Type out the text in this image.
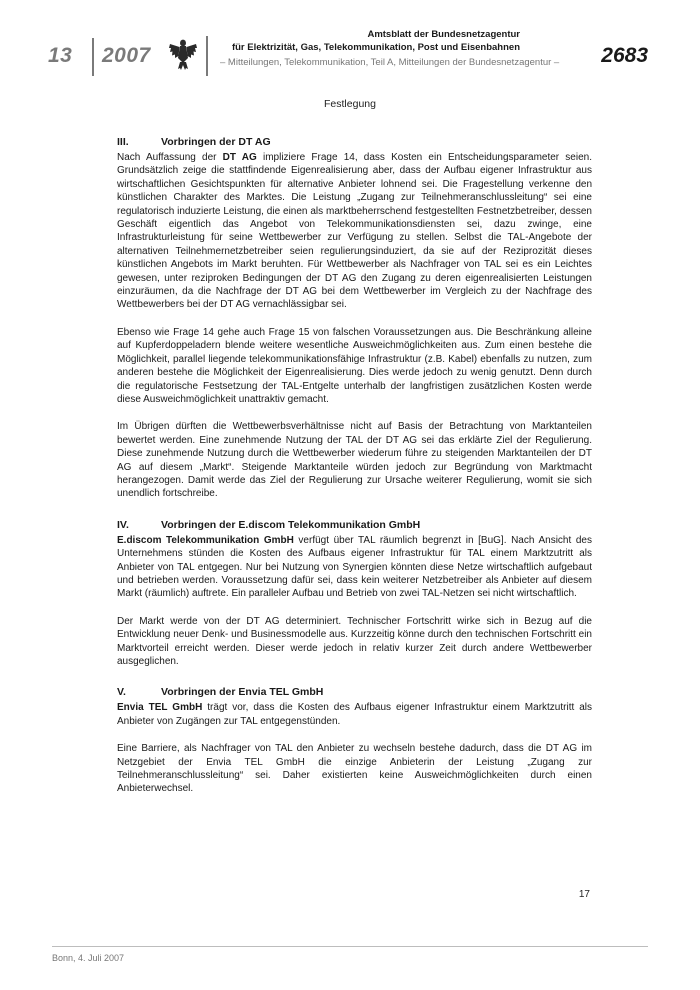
13 2007
Amtsblatt der Bundesnetzagentur
für Elektrizität, Gas, Telekommunikation, Post und Eisenbahnen
– Mitteilungen, Telekommunikation, Teil A, Mitteilungen der Bundesnetzagentur – 2683
Festlegung
III.	Vorbringen der DT AG

Nach Auffassung der DT AG impliziere Frage 14, dass Kosten ein Entscheidungsparameter seien. Grundsätzlich zeige die stattfindende Eigenrealisierung aber, dass der Aufbau eigener Infrastruktur aus wirtschaftlichen Gesichtspunkten für alternative Anbieter lohnend sei. Die Fragestellung verkenne den künstlichen Charakter des Marktes. Die Leistung „Zugang zur Teilnehmeranschlussleitung“ sei eine regulatorisch induzierte Leistung, die einen als marktbeherrschend festgestellten Festnetzbetreiber, dessen Geschäft eigentlich das Angebot von Telekommunikationsdiensten sei, dazu zwinge, eine Infrastrukturleistung für seine Wettbewerber zur Verfügung zu stellen. Selbst die TAL-Angebote der alternativen Teilnehmernetzbetreiber seien regulierungsinduziert, da sie auf der Reziprozität dieses künstlichen Angebots im Markt beruhten. Für Wettbewerber als Nachfrager von TAL sei es ein Leichtes gewesen, unter reziproken Bedingungen der DT AG den Zugang zu deren eigenrealisierten Leistungen einzuräumen, da die Nachfrage der DT AG bei dem Wettbewerber im Vergleich zu der Nachfrage des Wettbewerbers bei der DT AG vernachlässigbar sei.

Ebenso wie Frage 14 gehe auch Frage 15 von falschen Voraussetzungen aus. Die Beschränkung alleine auf Kupferdoppeladern blende weitere wesentliche Ausweichmöglichkeiten aus. Zum einen bestehe die Möglichkeit, parallel liegende telekommunikationsfähige Infrastruktur (z.B. Kabel) ebenfalls zu nutzen, zum anderen bestehe die Möglichkeit der Eigenrealisierung. Dies werde jedoch zu wenig genutzt. Denn durch die regulatorische Festsetzung der TAL-Entgelte unterhalb der langfristigen zusätzlichen Kosten werde diese Ausweichmöglichkeit unattraktiv gemacht.

Im Übrigen dürften die Wettbewerbsverhältnisse nicht auf Basis der Betrachtung von Marktanteilen bewertet werden. Eine zunehmende Nutzung der TAL der DT AG sei das erklärte Ziel der Regulierung. Diese zunehmende Nutzung durch die Wettbewerber wiederum führe zu steigenden Marktanteilen der DT AG auf diesem „Markt“. Steigende Marktanteile würden jedoch zur Begründung von Marktmacht herangezogen. Damit werde das Ziel der Regulierung zur Ursache weiterer Regulierung, womit sie sich unendlich fortschreibe.

IV.	Vorbringen der E.discom Telekommunikation GmbH

E.discom Telekommunikation GmbH verfügt über TAL räumlich begrenzt in [BuG]. Nach Ansicht des Unternehmens stünden die Kosten des Aufbaus eigener Infrastruktur für TAL einem Marktzutritt als Anbieter von TAL entgegen. Nur bei Nutzung von Synergien könnten diese Netze wirtschaftlich aufgebaut und betrieben werden. Voraussetzung dafür sei, dass kein weiterer Netzbetreiber als Anbieter auf diesem Markt (räumlich) auftrete. Ein paralleler Aufbau und Betrieb von zwei TAL-Netzen sei nicht wirtschaftlich.

Der Markt werde von der DT AG determiniert. Technischer Fortschritt wirke sich in Bezug auf die Entwicklung neuer Denk- und Businessmodelle aus. Kurzzeitig könne durch den technischen Fortschritt ein Marktvorteil erreicht werden. Dieser werde jedoch in relativ kurzer Zeit durch andere Wettbewerber ausgeglichen.

V.	Vorbringen der Envia TEL GmbH

Envia TEL GmbH trägt vor, dass die Kosten des Aufbaus eigener Infrastruktur einem Marktzutritt als Anbieter von Zugängen zur TAL entgegenstünden.

Eine Barriere, als Nachfrager von TAL den Anbieter zu wechseln bestehe dadurch, dass die DT AG im Netzgebiet der Envia TEL GmbH die einzige Anbieterin der Leistung „Zugang zur Teilnehmeranschlussleitung“ sei. Daher existierten keine Ausweichmöglichkeiten durch einen Anbieterwechsel.

17
Bonn, 4. Juli 2007
